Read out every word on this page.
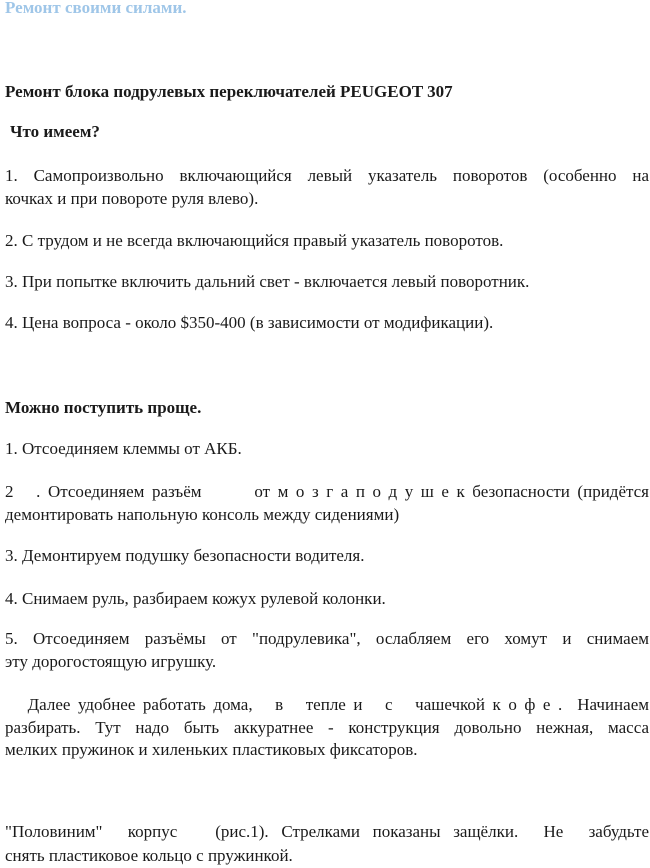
Ремонт своими силами.
Ремонт блока подрулевых переключателей PEUGEOT 307
Что имеем?
1. Самопроизвольно включающийся левый указатель поворотов (особенно на
кочках и при повороте руля влево).
2. С трудом и не всегда включающийся правый указатель поворотов.
3. При попытке включить дальний свет - включается левый поворотник.
4. Цена вопроса - около $350-400 (в зависимости от модификации).
Можно поступить проще.
1. Отсоединяем клеммы от АКБ.
2   . Отсоединяем разъём       от м о з г а п о д у ш е к безопасности (придётся
демонтировать напольную консоль между сидениями)
3. Демонтируем подушку безопасности водителя.
4. Снимаем руль, разбираем кожух рулевой колонки.
5. Отсоединяем разъёмы от "подрулевика", ослабляем его хомут и снимаем
эту дорогостоящую игрушку.
Далее удобнее работать дома,   в   тепле и   с   чашечкой к о ф е .  Начинаем
разбирать. Тут надо быть аккуратнее - конструкция довольно нежная, масса
мелких пружинок и хиленьких пластиковых фиксаторов.
"Половиним"  корпус   (рис.1). Стрелками показаны защёлки.  Не  забудьте
снять пластиковое кольцо с пружинкой.
